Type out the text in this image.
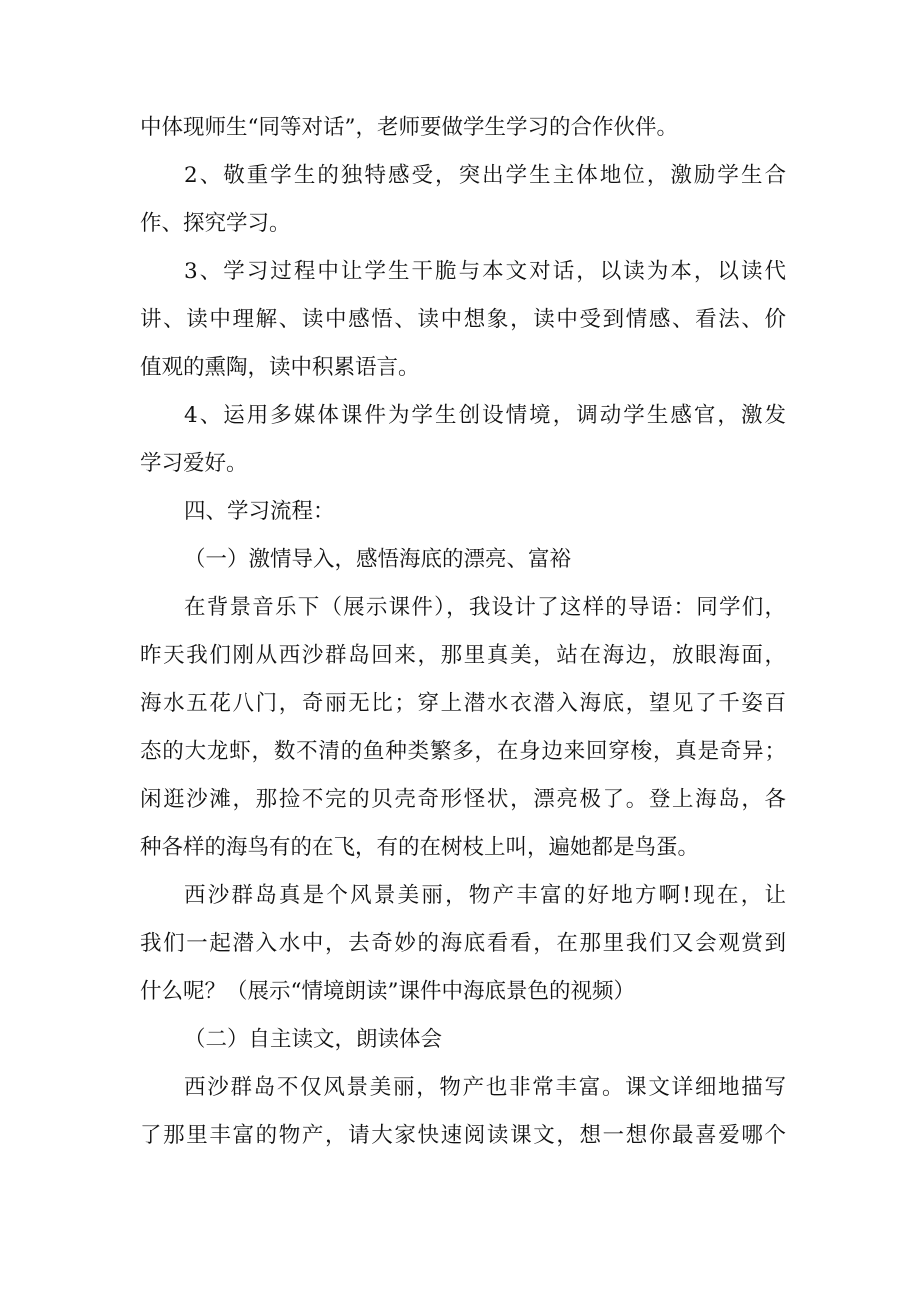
中体现师生“同等对话”，老师要做学生学习的合作伙伴。
2、敬重学生的独特感受，突出学生主体地位，激励学生合
作、探究学习。
3、学习过程中让学生干脆与本文对话，以读为本，以读代
讲、读中理解、读中感悟、读中想象，读中受到情感、看法、价
值观的熏陶，读中积累语言。
4、运用多媒体课件为学生创设情境，调动学生感官，激发
学习爱好。
四、学习流程：
（一）激情导入，感悟海底的漂亮、富裕
在背景音乐下（展示课件），我设计了这样的导语：同学们，
昨天我们刚从西沙群岛回来，那里真美，站在海边，放眼海面，
海水五花八门，奇丽无比；穿上潜水衣潜入海底，望见了千姿百
态的大龙虾，数不清的鱼种类繁多，在身边来回穿梭，真是奇异；
闲逛沙滩，那捡不完的贝壳奇形怪状，漂亮极了。登上海岛，各
种各样的海鸟有的在飞，有的在树枝上叫，遍她都是鸟蛋。
西沙群岛真是个风景美丽，物产丰富的好地方啊!现在，让
我们一起潜入水中，去奇妙的海底看看，在那里我们又会观赏到
什么呢？（展示“情境朗读”课件中海底景色的视频）
（二）自主读文，朗读体会
西沙群岛不仅风景美丽，物产也非常丰富。课文详细地描写
了那里丰富的物产，请大家快速阅读课文，想一想你最喜爱哪个
